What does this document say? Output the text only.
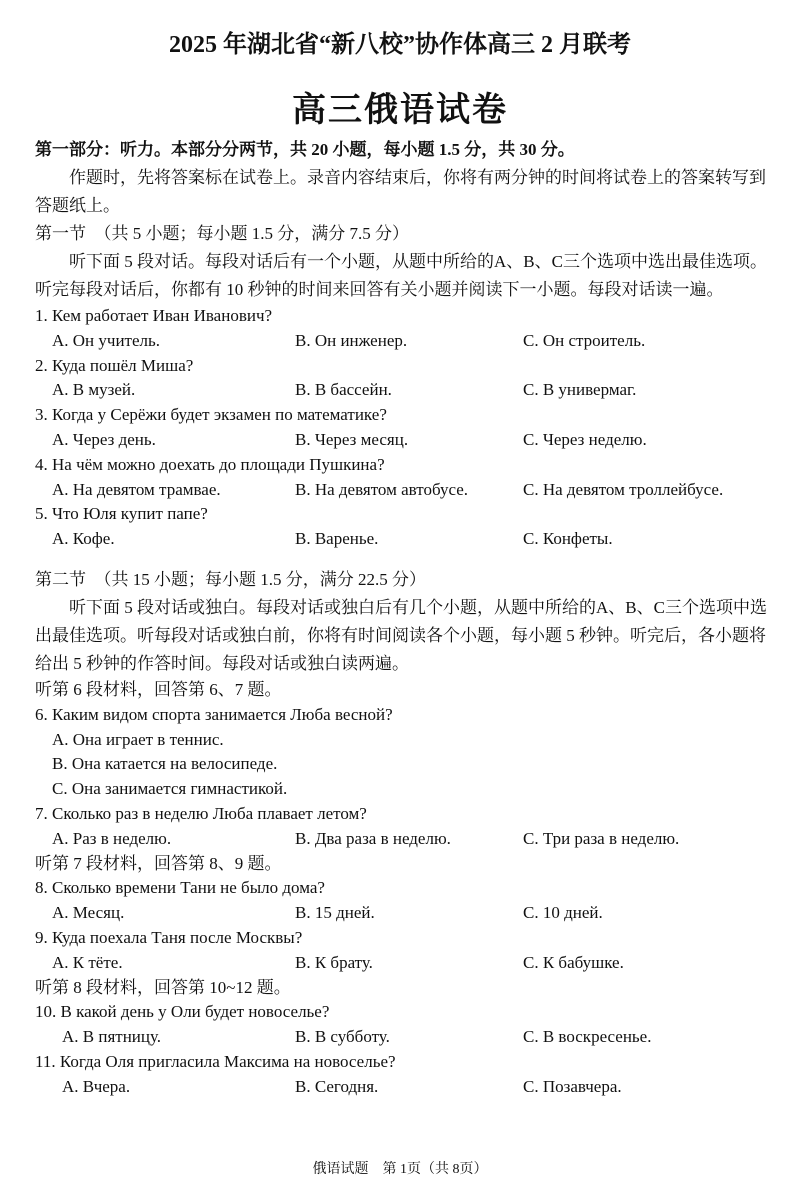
2025 年湖北省“新八校”协作体高三 2 月联考
高三俄语试卷

第一部分：听力。本部分分两节，共 20 小题，每小题 1.5 分，共 30 分。

作题时，先将答案标在试卷上。录音内容结束后，你将有两分钟的时间将试卷上的答案转写到答题纸上。

第一节　（共 5 小题；每小题 1.5 分，满分 7.5 分）

听下面 5 段对话。每段对话后有一个小题，从题中所给的A、B、C三个选项中选出最佳选项。听完每段对话后，你都有 10 秒钟的时间来回答有关小题并阅读下一小题。每段对话读一遍。

1. Кем работает Иван Иванович?
A. Он учитель.	B. Он инженер.	C. Он строитель.
2. Куда пошёл Миша?
A. В музей.	B. В бассейн.	C. В универмаг.
3. Когда у Серёжи будет экзамен по математике?
A. Через день.	B. Через месяц.	C. Через неделю.
4. На чём можно доехать до площади Пушкина?
A. На девятом трамвае.	B. На девятом автобусе.	C. На девятом троллейбусе.
5. Что Юля купит папе?
A. Кофе.	B. Варенье.	C. Конфеты.

第二节　（共 15 小题；每小题 1.5 分，满分 22.5 分）

听下面 5 段对话或独白。每段对话或独白后有几个小题，从题中所给的A、B、C三个选项中选出最佳选项。听每段对话或独白前，你将有时间阅读各个小题，每小题 5 秒钟。听完后，各小题将给出 5 秒钟的作答时间。每段对话或独白读两遍。

听第 6 段材料，回答第 6、7 题。
6. Каким видом спорта занимается Люба весной?
A. Она играет в теннис.
B. Она катается на велосипеде.
C. Она занимается гимнастикой.
7. Сколько раз в неделю Люба плавает летом?
A. Раз в неделю.	B. Два раза в неделю.	C. Три раза в неделю.
听第 7 段材料，回答第 8、9 题。
8. Сколько времени Тани не было дома?
A. Месяц.	B. 15 дней.	C. 10 дней.
9. Куда поехала Таня после Москвы?
A. К тёте.	B. К брату.	C. К бабушке.
听第 8 段材料，回答第 10~12 题。
10. В какой день у Оли будет новоселье?
A. В пятницу.	B. В субботу.	C. В воскресенье.
11. Когда Оля пригласила Максима на новоселье?
A. Вчера.	B. Сегодня.	C. Позавчера.
俄语试题　第 1页（共 8页）
